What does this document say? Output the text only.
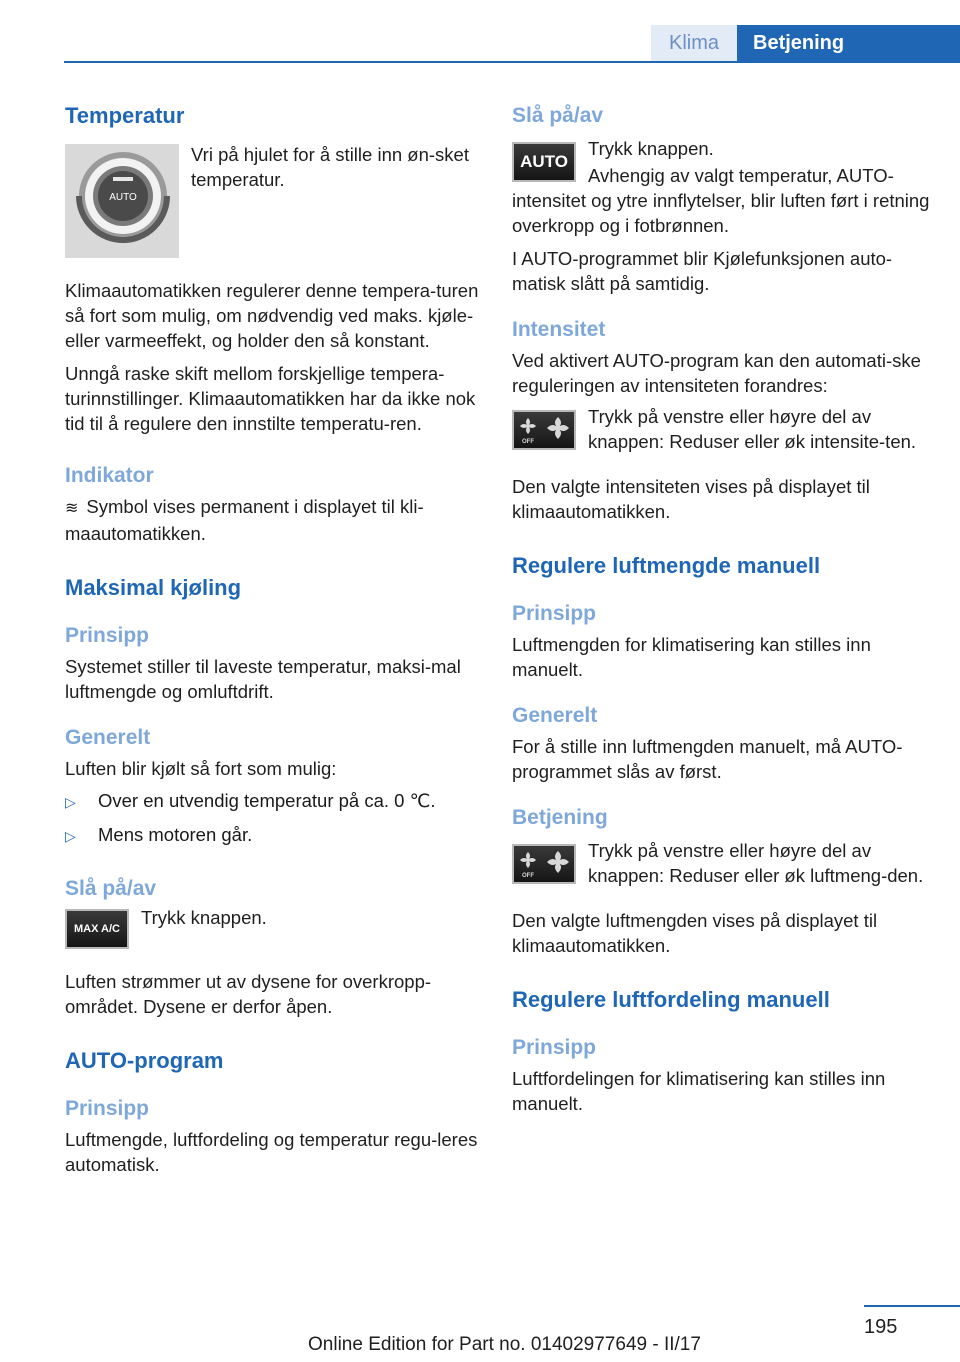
Klima	Betjening
Temperatur
AUTO

Vri på hjulet for å stille inn øn-sket temperatur.

Klimaautomatikken regulerer denne tempera-turen så fort som mulig, om nødvendig ved maks. kjøle- eller varmeeffekt, og holder den så konstant.

Unngå raske skift mellom forskjellige tempera-turinnstillinger. Klimaautomatikken har da ikke nok tid til å regulere den innstilte temperatu-ren.

Indikator

≋ Symbol vises permanent i displayet til kli-maautomatikken.

Maksimal kjøling
Prinsipp

Systemet stiller til laveste temperatur, maksi-mal luftmengde og omluftdrift.

Generelt

Luften blir kjølt så fort som mulig:

▷	Over en utvendig temperatur på ca. 0 ℃.
▷	Mens motoren går.
Slå på/av
MAX A/C

Trykk knappen.

Luften strømmer ut av dysene for overkropp-området. Dysene er derfor åpen.

AUTO-program
Prinsipp

Luftmengde, luftfordeling og temperatur regu-leres automatisk.

Slå på/av
AUTO

Trykk knappen.

Avhengig av valgt temperatur, AUTO-intensitet og ytre innflytelser, blir luften ført i retning overkropp og i fotbrønnen.

I AUTO-programmet blir Kjølefunksjonen auto-matisk slått på samtidig.

Intensitet

Ved aktivert AUTO-program kan den automati-ske reguleringen av intensiteten forandres:

OFF

Trykk på venstre eller høyre del av knappen: Reduser eller øk intensite-ten.

Den valgte intensiteten vises på displayet til klimaautomatikken.

Regulere luftmengde manuell
Prinsipp

Luftmengden for klimatisering kan stilles inn manuelt.

Generelt

For å stille inn luftmengden manuelt, må AUTO-programmet slås av først.

Betjening
OFF

Trykk på venstre eller høyre del av knappen: Reduser eller øk luftmeng-den.

Den valgte luftmengden vises på displayet til klimaautomatikken.

Regulere luftfordeling manuell
Prinsipp

Luftfordelingen for klimatisering kan stilles inn manuelt.

195
Online Edition for Part no. 01402977649 - II/17
